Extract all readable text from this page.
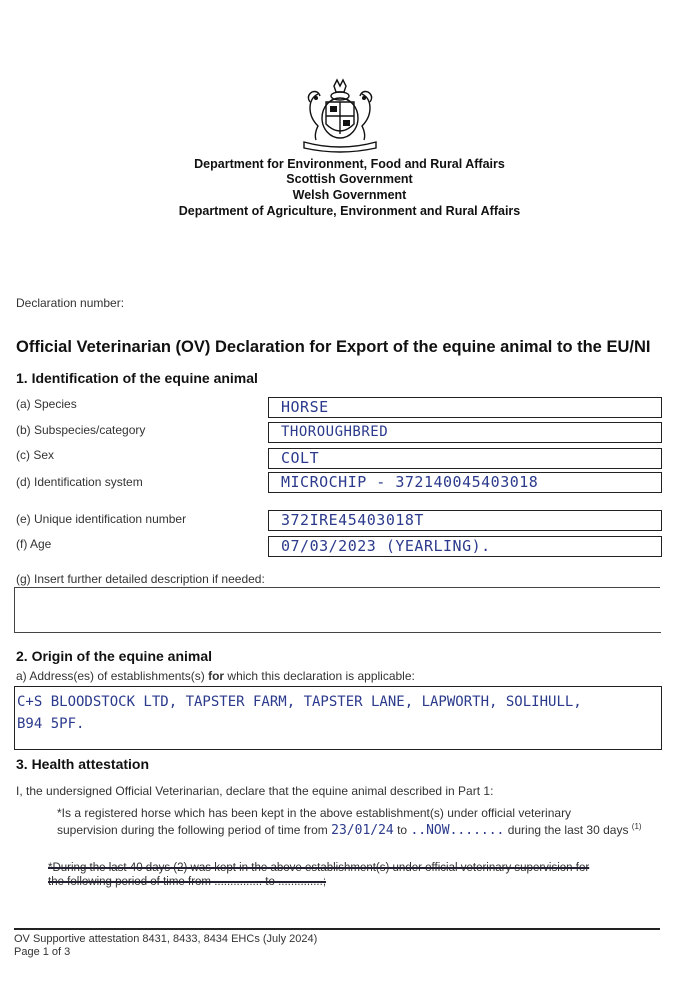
Department for Environment, Food and Rural Affairs
Scottish Government
Welsh Government
Department of Agriculture, Environment and Rural Affairs
Declaration number:
Official Veterinarian (OV) Declaration for Export of the equine animal to the EU/NI
1. Identification of the equine animal
(a) Species	HORSE
(b) Subspecies/category	THOROUGHBRED
(c) Sex	COLT
(d) Identification system	MICROCHIP - 372140045403018
(e) Unique identification number	372IRE45403018T
(f) Age	07/03/2023 (YEARLING).
(g) Insert further detailed description if needed:
2. Origin of the equine animal
a) Address(es) of establishments(s) for which this declaration is applicable:
C+S BLOODSTOCK LTD, TAPSTER FARM, TAPSTER LANE, LAPWORTH, SOLIHULL,
B94 5PF.
3. Health attestation
I, the undersigned Official Veterinarian, declare that the equine animal described in Part 1:
*Is a registered horse which has been kept in the above establishment(s) under official veterinary
supervision during the following period of time from 23/01/24 to ..NOW....... during the last 30 days $^{(1)}$
*During the last 40 days (2) was kept in the above establishment(s) under official veterinary supervision for
the following period of time from ............... to ..............;
OV Supportive attestation 8431, 8433, 8434 EHCs (July 2024)
Page 1 of 3
